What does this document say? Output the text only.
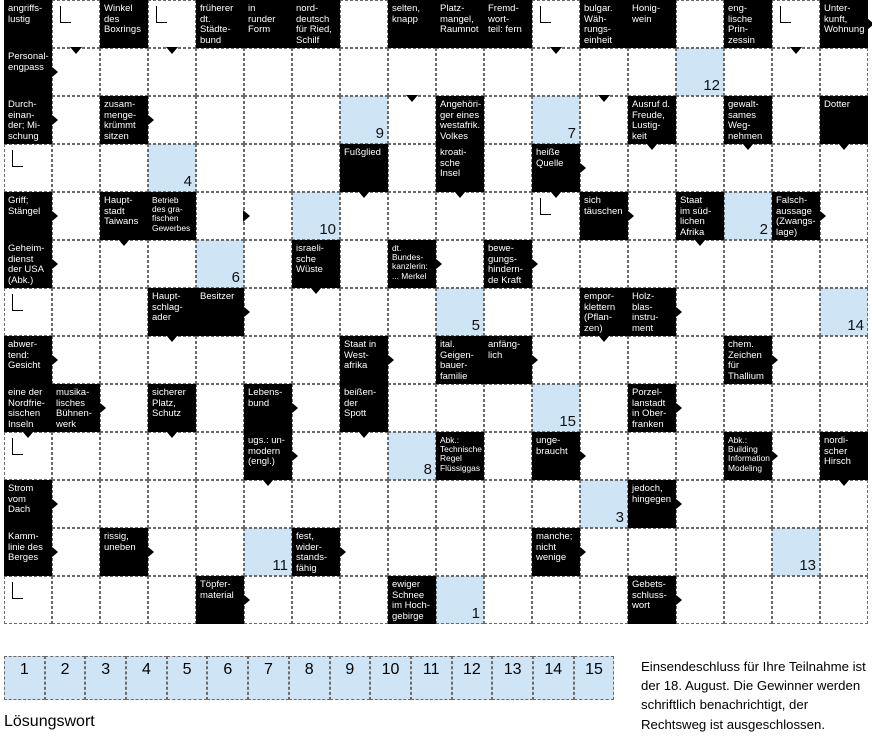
angriffs-
lustig
Winkel
des
Boxrings
früherer
dt.
Städte-
bund
in
runder
Form
nord-
deutsch
für Ried,
Schilf
selten,
knapp
Platz-
mangel,
Raumnot
Fremd-
wort-
teil: fern
bulgar.
Wäh-
rungs-
einheit
Honig-
wein
eng-
lische
Prin-
zessin
Unter-
kunft,
Wohnung
Personal-
engpass
12
Durch-
einan-
der; Mi-
schung
zusam-
menge-
krümmt
sitzen	9
Angehöri-
ger eines
westafrik.
Volkes	7
Ausruf d.
Freude,
Lustig-
keit
gewalt-
sames
Weg-
nehmen
Dotter
4
Fußglied	kroati-
sche
Insel
heiße
Quelle
Griff;
Stängel
Haupt-
stadt
Taiwans
Betrieb
des gra-
fischen
Gewerbes	10
sich
täuschen
Staat
im süd-
lichen
Afrika	2
Falsch-
aussage
(Zwangs-
lage)
Geheim-
dienst
der USA
(Abk.)	6
israeli-
sche
Wüste
dt.
Bundes-
kanzlerin:
... Merkel
bewe-
gungs-
hindern-
de Kraft
Haupt-
schlag-
ader
Besitzer
5
empor-
klettern
(Pflan-
zen)
Holz-
blas-
instru-
ment	14
abwer-
tend:
Gesicht
Staat in
West-
afrika
ital.
Geigen-
bauer-
familie
anfäng-
lich
chem.
Zeichen
für
Thallium
eine der
Nordfrie-
sischen
Inseln
musika-
lisches
Bühnen-
werk
sicherer
Platz,
Schutz
Lebens-
bund
beißen-
der
Spott	15
Porzel-
lanstadt
in Ober-
franken
ugs.: un-
modern
(engl.)	8
Abk.:
Technische
Regel
Flüssiggas
unge-
braucht
Abk.:
Building
Information
Modeling
nordi-
scher
Hirsch
Strom
vom
Dach	3
jedoch,
hingegen
Kamm-
linie des
Berges
rissig,
uneben
11
fest,
wider-
stands-
fähig
manche;
nicht
wenige	13
Töpfer-
material
ewiger
Schnee
im Hoch-
gebirge	1
Gebets-
schluss-
wort
1	2	3	4	5	6	7	8	9	10	11	12	13	14	15
Lösungswort
Einsendeschluss für Ihre Teilnahme ist der 18. August. Die Gewinner werden schriftlich benachrichtigt, der Rechtsweg ist ausgeschlossen.
